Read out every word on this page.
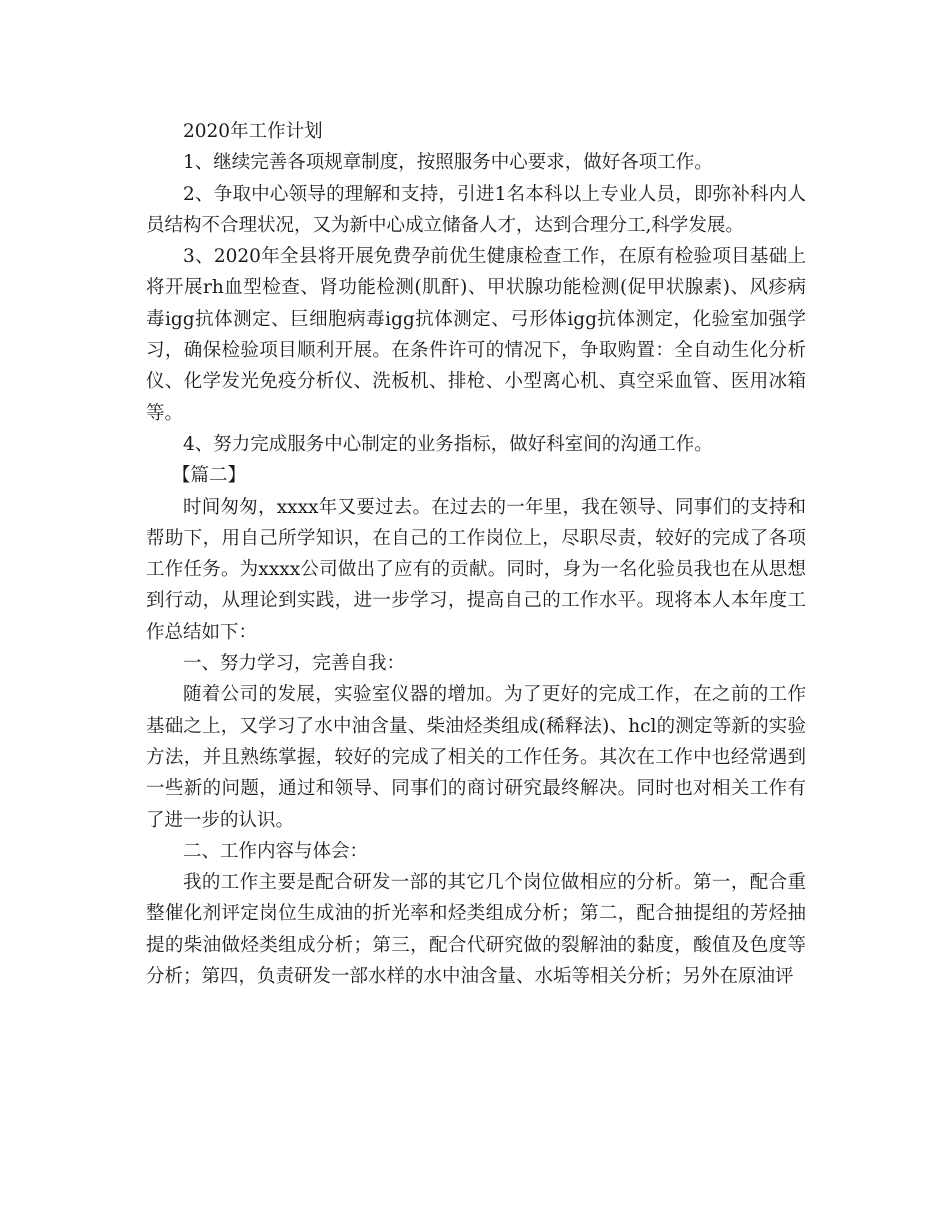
2020年工作计划

1、继续完善各项规章制度，按照服务中心要求，做好各项工作。

2、争取中心领导的理解和支持，引进1名本科以上专业人员，即弥补科内人员结构不合理状况，又为新中心成立储备人才，达到合理分工,科学发展。

3、2020年全县将开展免费孕前优生健康检查工作，在原有检验项目基础上将开展rh血型检查、肾功能检测(肌酐)、甲状腺功能检测(促甲状腺素)、风疹病毒igg抗体测定、巨细胞病毒igg抗体测定、弓形体igg抗体测定，化验室加强学习，确保检验项目顺利开展。在条件许可的情况下，争取购置：全自动生化分析仪、化学发光免疫分析仪、洗板机、排枪、小型离心机、真空采血管、医用冰箱等。

4、努力完成服务中心制定的业务指标，做好科室间的沟通工作。

【篇二】

时间匆匆，xxxx年又要过去。在过去的一年里，我在领导、同事们的支持和帮助下，用自己所学知识，在自己的工作岗位上，尽职尽责，较好的完成了各项工作任务。为xxxx公司做出了应有的贡献。同时，身为一名化验员我也在从思想到行动，从理论到实践，进一步学习，提高自己的工作水平。现将本人本年度工作总结如下：

一、努力学习，完善自我：

随着公司的发展，实验室仪器的增加。为了更好的完成工作，在之前的工作基础之上，又学习了水中油含量、柴油烃类组成(稀释法)、hcl的测定等新的实验方法，并且熟练掌握，较好的完成了相关的工作任务。其次在工作中也经常遇到一些新的问题，通过和领导、同事们的商讨研究最终解决。同时也对相关工作有了进一步的认识。

二、工作内容与体会：

我的工作主要是配合研发一部的其它几个岗位做相应的分析。第一，配合重整催化剂评定岗位生成油的折光率和烃类组成分析；第二，配合抽提组的芳烃抽提的柴油做烃类组成分析；第三，配合代研究做的裂解油的黏度，酸值及色度等分析；第四，负责研发一部水样的水中油含量、水垢等相关分析；另外在原油评
